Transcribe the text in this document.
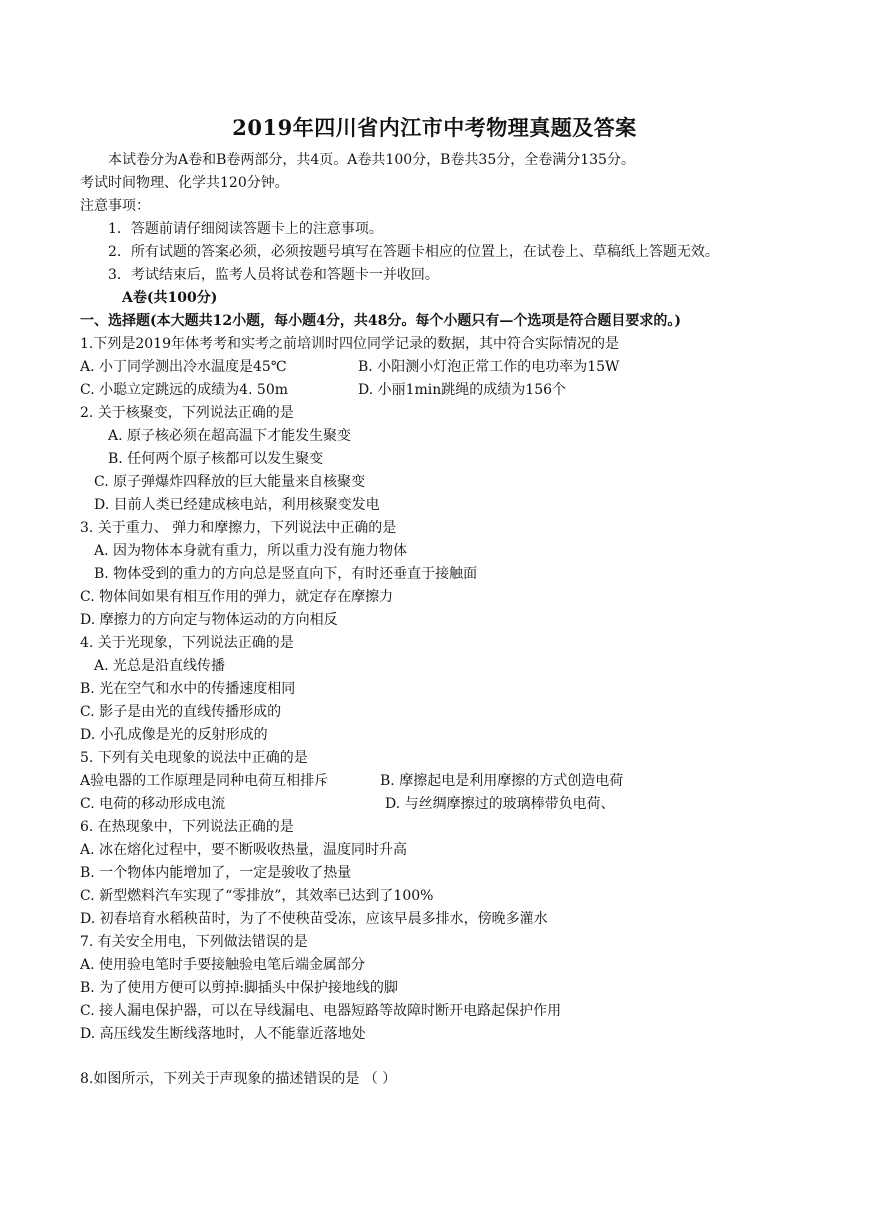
2019年四川省内江市中考物理真题及答案
本试卷分为A卷和B卷两部分，共4页。A卷共100分，B卷共35分，全卷满分135分。
考试时间物理、化学共120分钟。
注意事项：
1．答题前请仔细阅读答题卡上的注意事项。
2．所有试题的答案必须，必须按题号填写在答题卡相应的位置上，在试卷上、草稿纸上答题无效。
3．考试结束后，监考人员将试卷和答题卡一并收回。
A卷(共100分)
一、选择题(本大题共12小题，每小题4分，共48分。每个小题只有—个选项是符合题目要求的。)
1.下列是2019年体考考和实考之前培训时四位同学记录的数据，其中符合实际情况的是
A. 小丁同学测出冷水温度是45℃	B. 小阳测小灯泡正常工作的电功率为15W
C. 小聪立定跳远的成绩为4. 50m	D. 小丽1min跳绳的成绩为156个
2. 关于核聚变，下列说法正确的是
A. 原子核必须在超高温下才能发生聚变
B. 任何两个原子核都可以发生聚变
C. 原子弹爆炸四释放的巨大能量来自核聚变
D. 目前人类已经建成核电站，利用核聚变发电
3. 关于重力、 弹力和摩擦力，下列说法中正确的是
A. 因为物体本身就有重力，所以重力没有施力物体
B. 物体受到的重力的方向总是竖直向下，有时还垂直于接触面
C. 物体间如果有相互作用的弹力，就定存在摩擦力
D. 摩擦力的方向定与物体运动的方向相反
4. 关于光现象，下列说法正确的是
A. 光总是沿直线传播
B. 光在空气和水中的传播速度相同
C. 影子是由光的直线传播形成的
D. 小孔成像是光的反射形成的
5. 下列有关电现象的说法中正确的是
A验电器的工作原理是同种电荷互相排斥	B. 摩擦起电是利用摩擦的方式创造电荷
C. 电荷的移动形成电流	D. 与丝绸摩擦过的玻璃棒带负电荷、
6. 在热现象中，下列说法正确的是
A. 冰在熔化过程中，要不断吸收热量，温度同时升高
B. 一个物体内能增加了，一定是骏收了热量
C. 新型燃料汽车实现了“零排放”，其效率已达到了100%
D. 初春培育水稻秧苗时，为了不使秧苗受冻，应该早晨多排水，傍晚多灌水
7. 有关安全用电，下列做法错误的是
A. 使用验电笔时手要接触验电笔后端金属部分
B. 为了使用方便可以剪掉:脚插头中保护接地线的脚
C. 接人漏电保护器，可以在导线漏电、电器短路等故障时断开电路起保护作用
D. 高压线发生断线落地时，人不能靠近落地处
8.如图所示，下列关于声现象的描述错误的是 （ ）
